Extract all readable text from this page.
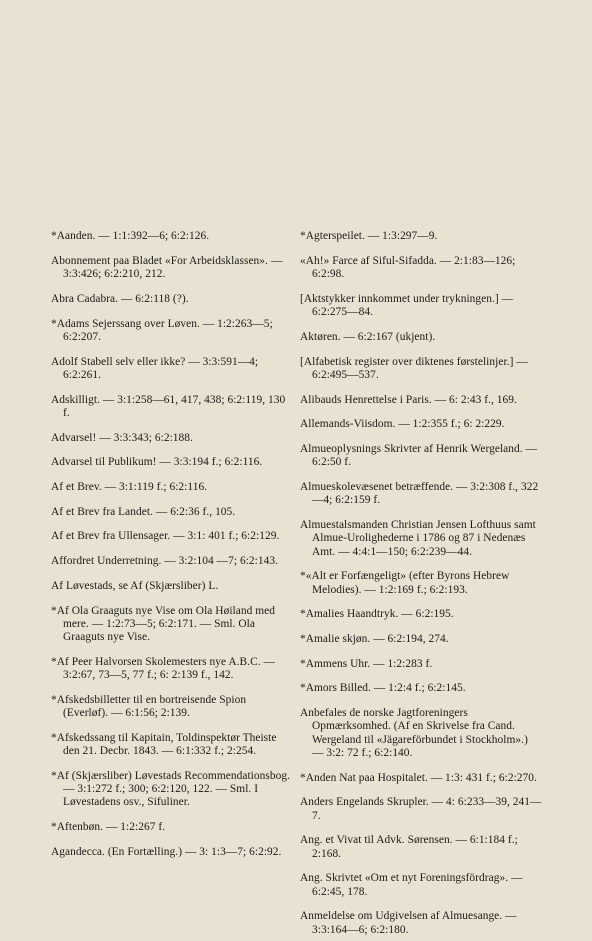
*Aanden. — 1:1:392—6; 6:2:126.

Abonnement paa Bladet «For Arbeidsklassen». — 3:3:426; 6:2:210, 212.

Abra Cadabra. — 6:2:118 (?).

*Adams Sejerssang over Løven. — 1:2:263—5; 6:2:207.

Adolf Stabell selv eller ikke? — 3:3:591—4; 6:2:261.

Adskilligt. — 3:1:258—61, 417, 438; 6:2:119, 130 f.

Advarsel! — 3:3:343; 6:2:188.

Advarsel til Publikum! — 3:3:194 f.; 6:2:116.

Af et Brev. — 3:1:119 f.; 6:2:116.

Af et Brev fra Landet. — 6:2:36 f., 105.

Af et Brev fra Ullensager. — 3:1: 401 f.; 6:2:129.

Affordret Underretning. — 3:2:104 —7; 6:2:143.

Af Løvestads, se Af (Skjærsliber) L.

*Af Ola Graaguts nye Vise om Ola Høiland med mere. — 1:2:73—5; 6:2:171. — Sml. Ola Graaguts nye Vise.

*Af Peer Halvorsen Skolemesters nye A.B.C. — 3:2:67, 73—5, 77 f.; 6: 2:139 f., 142.

*Afskedsbilletter til en bortreisende Spion (Everløf). — 6:1:56; 2:139.

*Afskedssang til Kapitain, Toldinspektør Theiste den 21. Decbr. 1843. — 6:1:332 f.; 2:254.

*Af (Skjærsliber) Løvestads Recommendationsbog. — 3:1:272 f.; 300; 6:2:120, 122. — Sml. I Løvestadens osv., Sifuliner.

*Aftenbøn. — 1:2:267 f.

Agandecca. (En Fortælling.) — 3: 1:3—7; 6:2:92.

*Agterspeilet. — 1:3:297—9.

«Ah!» Farce af Siful-Sifadda. — 2:1:83—126; 6:2:98.

[Aktstykker innkommet under trykningen.] — 6:2:275—84.

Aktøren. — 6:2:167 (ukjent).

[Alfabetisk register over diktenes førstelinjer.] — 6:2:495—537.

Alibauds Henrettelse i Paris. — 6: 2:43 f., 169.

Allemands-Viisdom. — 1:2:355 f.; 6: 2:229.

Almueoplysnings Skrivter af Henrik Wergeland. — 6:2:50 f.

Almueskolevæsenet betræffende. — 3:2:308 f., 322—4; 6:2:159 f.

Almuestalsmanden Christian Jensen Lofthuus samt Almue-Urolighederne i 1786 og 87 i Nedenæs Amt. — 4:4:1—150; 6:2:239—44.

*«Alt er Forfængeligt» (efter Byrons Hebrew Melodies). — 1:2:169 f.; 6:2:193.

*Amalies Haandtryk. — 6:2:195.

*Amalie skjøn. — 6:2:194, 274.

*Ammens Uhr. — 1:2:283 f.

*Amors Billed. — 1:2:4 f.; 6:2:145.

Anbefales de norske Jagtforeningers Opmærksomhed. (Af en Skrivelse fra Cand. Wergeland til «Jägareförbundet i Stockholm».) — 3:2: 72 f.; 6:2:140.

*Anden Nat paa Hospitalet. — 1:3: 431 f.; 6:2:270.

Anders Engelands Skrupler. — 4: 6:233—39, 241—7.

Ang. et Vivat til Advk. Sørensen. — 6:1:184 f.; 2:168.

Ang. Skrivtet «Om et nyt Foreningsfördrag». — 6:2:45, 178.

Anmeldelse om Udgivelsen af Almuesange. — 3:3:164—6; 6:2:180.
